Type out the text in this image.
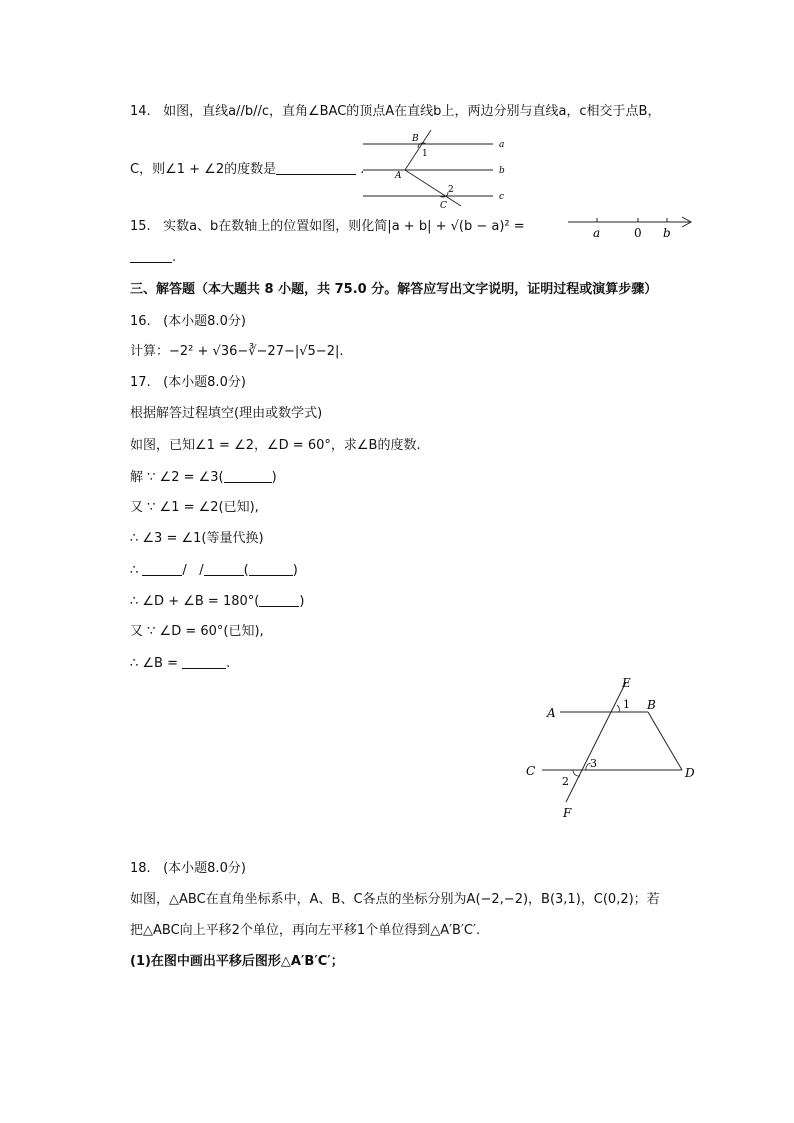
14. 如图，直线a//b//c，直角∠BAC的顶点A在直线b上，两边分别与直线a，c相交于点B，
C，则∠1 + ∠2的度数是	.
B
1
A
2
C
a
b
c
15. 实数a、b在数轴上的位置如图，则化简|a + b| + √(b − a)² =
.
a	0 b
三、解答题（本大题共 8 小题，共 75.0 分。解答应写出文字说明，证明过程或演算步骤）
16. (本小题8.0分)
计算：−2² + √36−∛−27−|√5−2|.
17. (本小题8.0分)
根据解答过程填空(理由或数学式)
如图，已知∠1 = ∠2，∠D = 60°，求∠B的度数.
解 ∵ ∠2 = ∠3(	)
又 ∵ ∠1 = ∠2(已知),
∴ ∠3 = ∠1(等量代换)
∴	/ /	(	)
∴ ∠D + ∠B = 180°(	)
又 ∵ ∠D = 60°(已知),
∴ ∠B =	.
E
A
1 B
C
3
2
D
F
18. (本小题8.0分)
如图，△ABC在直角坐标系中，A、B、C各点的坐标分别为A(−2,−2)，B(3,1)，C(0,2)；若
把△ABC向上平移2个单位，再向左平移1个单位得到△A′B′C′.
(1)在图中画出平移后图形△A′B′C′；
